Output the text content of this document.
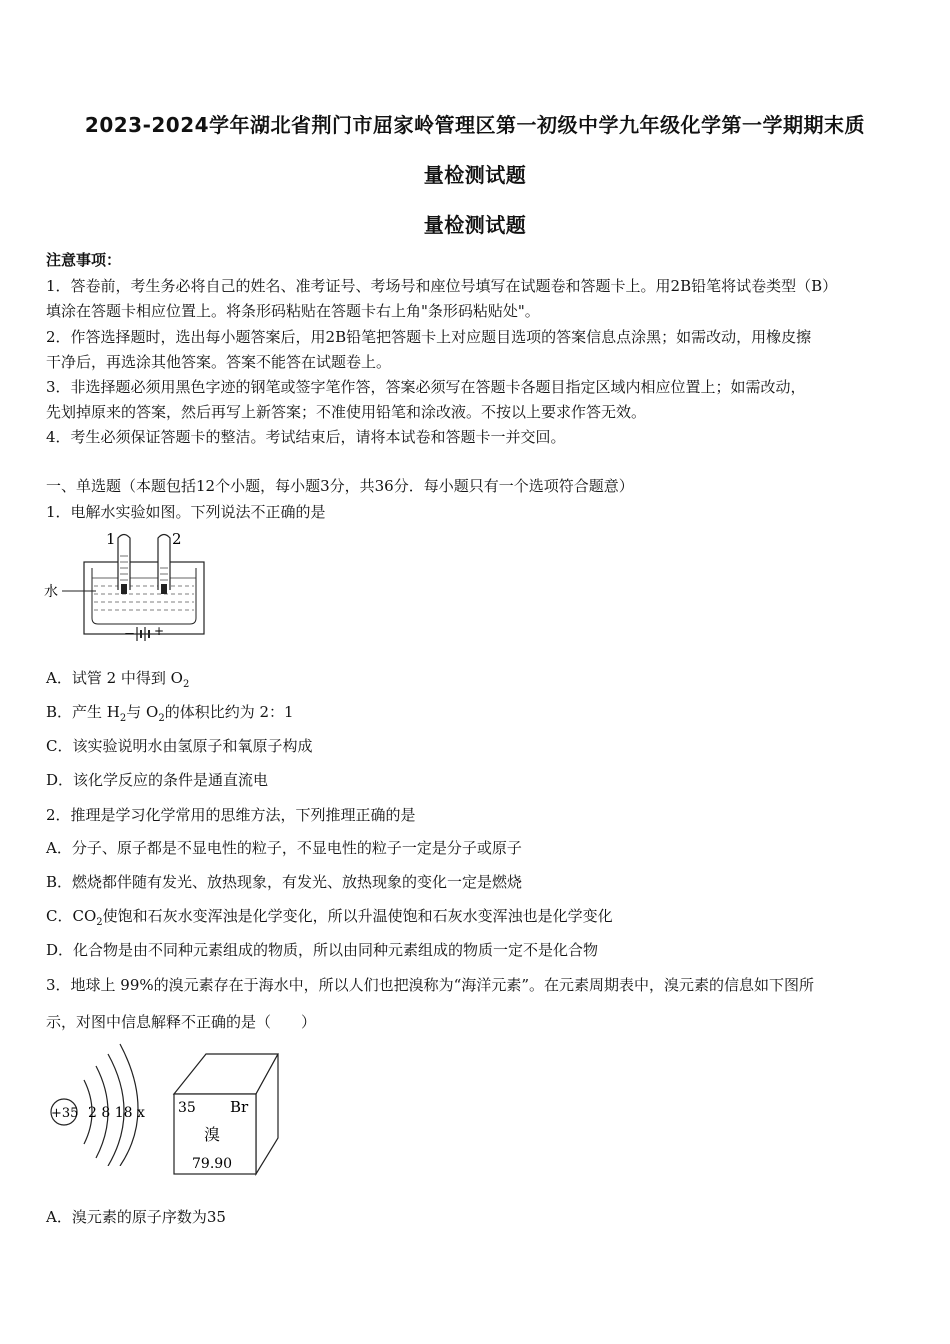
2023-2024学年湖北省荆门市屈家岭管理区第一初级中学九年级化学第一学期期末质
量检测试题
量检测试题
注意事项：
1．答卷前，考生务必将自己的姓名、准考证号、考场号和座位号填写在试题卷和答题卡上。用2B铅笔将试卷类型（B）
填涂在答题卡相应位置上。将条形码粘贴在答题卡右上角"条形码粘贴处"。
2．作答选择题时，选出每小题答案后，用2B铅笔把答题卡上对应题目选项的答案信息点涂黑；如需改动，用橡皮擦
干净后，再选涂其他答案。答案不能答在试题卷上。
3．非选择题必须用黑色字迹的钢笔或签字笔作答，答案必须写在答题卡各题目指定区域内相应位置上；如需改动，
先划掉原来的答案，然后再写上新答案；不准使用铅笔和涂改液。不按以上要求作答无效。
4．考生必须保证答题卡的整洁。考试结束后，请将本试卷和答题卡一并交回。
一、单选题（本题包括12个小题，每小题3分，共36分．每小题只有一个选项符合题意）
1．电解水实验如图。下列说法不正确的是
水
1	2
－ +
A．试管 2 中得到 $O_2$
B．产生 $H_2$与 $O_2$的体积比约为 2：1
C．该实验说明水由氢原子和氧原子构成
D．该化学反应的条件是通直流电
2．推理是学习化学常用的思维方法，下列推理正确的是
A．分子、原子都是不显电性的粒子，不显电性的粒子一定是分子或原子
B．燃烧都伴随有发光、放热现象，有发光、放热现象的变化一定是燃烧
C．$CO_2$使饱和石灰水变浑浊是化学变化，所以升温使饱和石灰水变浑浊也是化学变化
D．化合物是由不同种元素组成的物质，所以由同种元素组成的物质一定不是化合物
3．地球上 99%的溴元素存在于海水中，所以人们也把溴称为“海洋元素”。在元素周期表中，溴元素的信息如下图所
示，对图中信息解释不正确的是（　　）
+35 2 8 18 x 35 Br
溴
79.90
A．溴元素的原子序数为35
